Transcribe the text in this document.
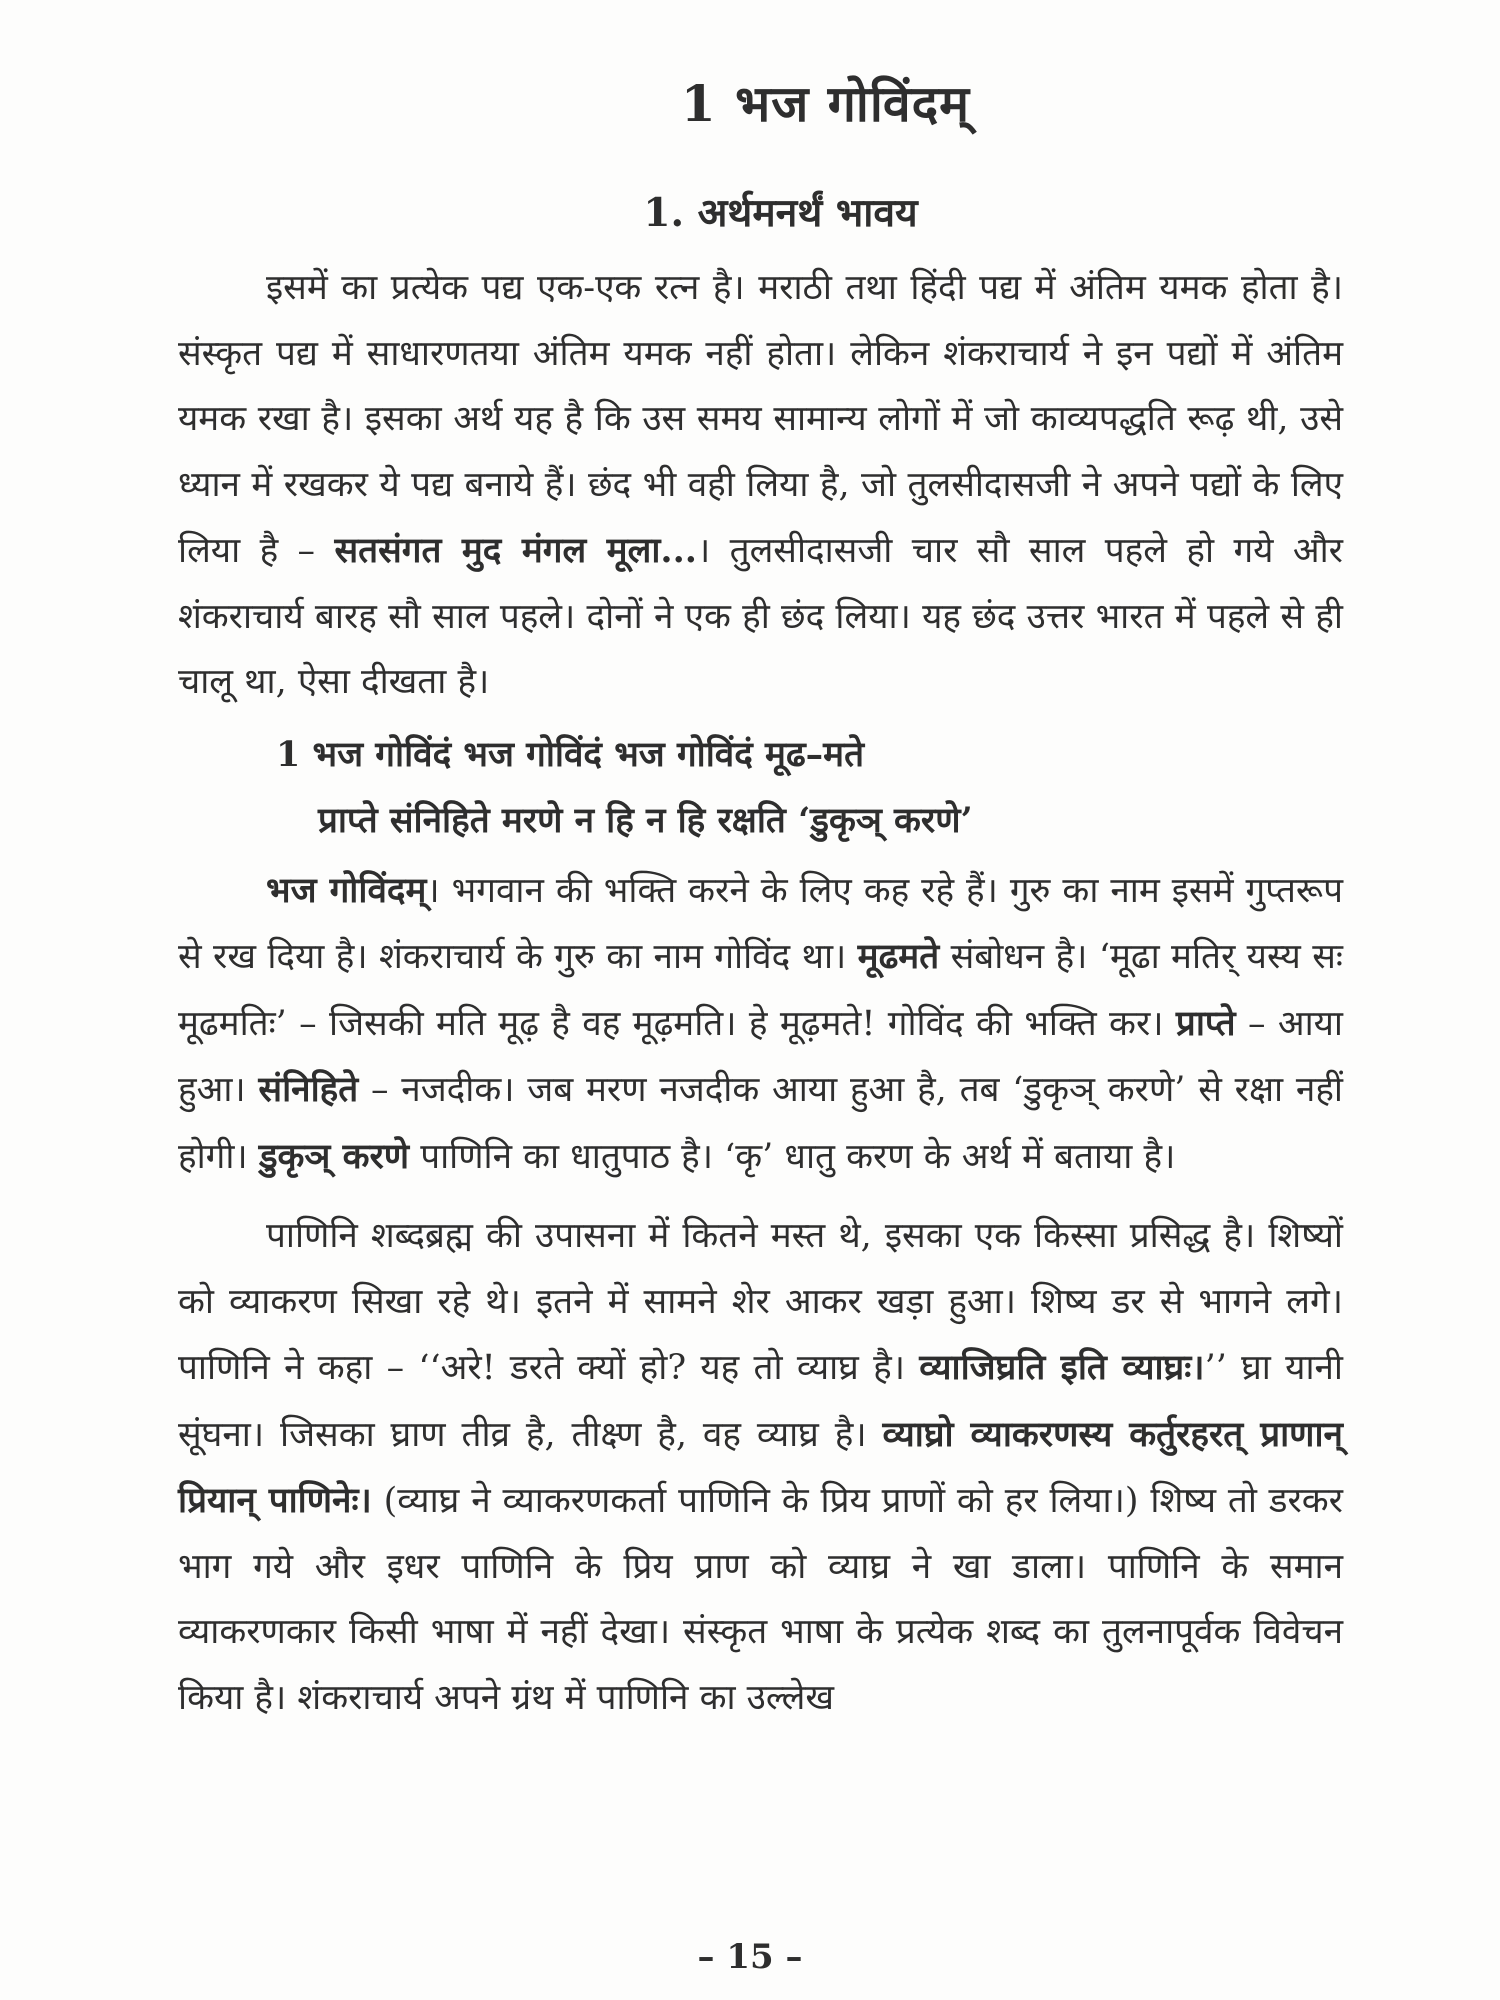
1 भज गोविंदम्
1. अर्थमनर्थं भावय

इसमें का प्रत्येक पद्य एक-एक रत्न है। मराठी तथा हिंदी पद्य में अंतिम यमक होता है। संस्कृत पद्य में साधारणतया अंतिम यमक नहीं होता। लेकिन शंकराचार्य ने इन पद्यों में अंतिम यमक रखा है। इसका अर्थ यह है कि उस समय सामान्य लोगों में जो काव्यपद्धति रूढ़ थी, उसे ध्यान में रखकर ये पद्य बनाये हैं। छंद भी वही लिया है, जो तुलसीदासजी ने अपने पद्यों के लिए लिया है – सतसंगत मुद मंगल मूला...। तुलसीदासजी चार सौ साल पहले हो गये और शंकराचार्य बारह सौ साल पहले। दोनों ने एक ही छंद लिया। यह छंद उत्तर भारत में पहले से ही चालू था, ऐसा दीखता है।

1 भज गोविंदं भज गोविंदं भज गोविंदं मूढ–मते
प्राप्ते संनिहिते मरणे न हि न हि रक्षति ‘डुकृञ् करणे’

भज गोविंदम्। भगवान की भक्ति करने के लिए कह रहे हैं। गुरु का नाम इसमें गुप्तरूप से रख दिया है। शंकराचार्य के गुरु का नाम गोविंद था। मूढमते संबोधन है। ‘मूढा मतिर् यस्य सः मूढमतिः’ – जिसकी मति मूढ़ है वह मूढ़मति। हे मूढ़मते! गोविंद की भक्ति कर। प्राप्ते – आया हुआ। संनिहिते – नजदीक। जब मरण नजदीक आया हुआ है, तब ‘डुकृञ् करणे’ से रक्षा नहीं होगी। डुकृञ् करणे पाणिनि का धातुपाठ है। ‘कृ’ धातु करण के अर्थ में बताया है।

पाणिनि शब्दब्रह्म की उपासना में कितने मस्त थे, इसका एक किस्सा प्रसिद्ध है। शिष्यों को व्याकरण सिखा रहे थे। इतने में सामने शेर आकर खड़ा हुआ। शिष्य डर से भागने लगे। पाणिनि ने कहा – ‘‘अरे! डरते क्यों हो? यह तो व्याघ्र है। व्याजिघ्रति इति व्याघ्रः।’’ घ्रा यानी सूंघना। जिसका घ्राण तीव्र है, तीक्ष्ण है, वह व्याघ्र है। व्याघ्रो व्याकरणस्य कर्तुरहरत् प्राणान् प्रियान् पाणिनेः। (व्याघ्र ने व्याकरणकर्ता पाणिनि के प्रिय प्राणों को हर लिया।) शिष्य तो डरकर भाग गये और इधर पाणिनि के प्रिय प्राण को व्याघ्र ने खा डाला। पाणिनि के समान व्याकरणकार किसी भाषा में नहीं देखा। संस्कृत भाषा के प्रत्येक शब्द का तुलनापूर्वक विवेचन किया है। शंकराचार्य अपने ग्रंथ में पाणिनि का उल्लेख

– 15 –
